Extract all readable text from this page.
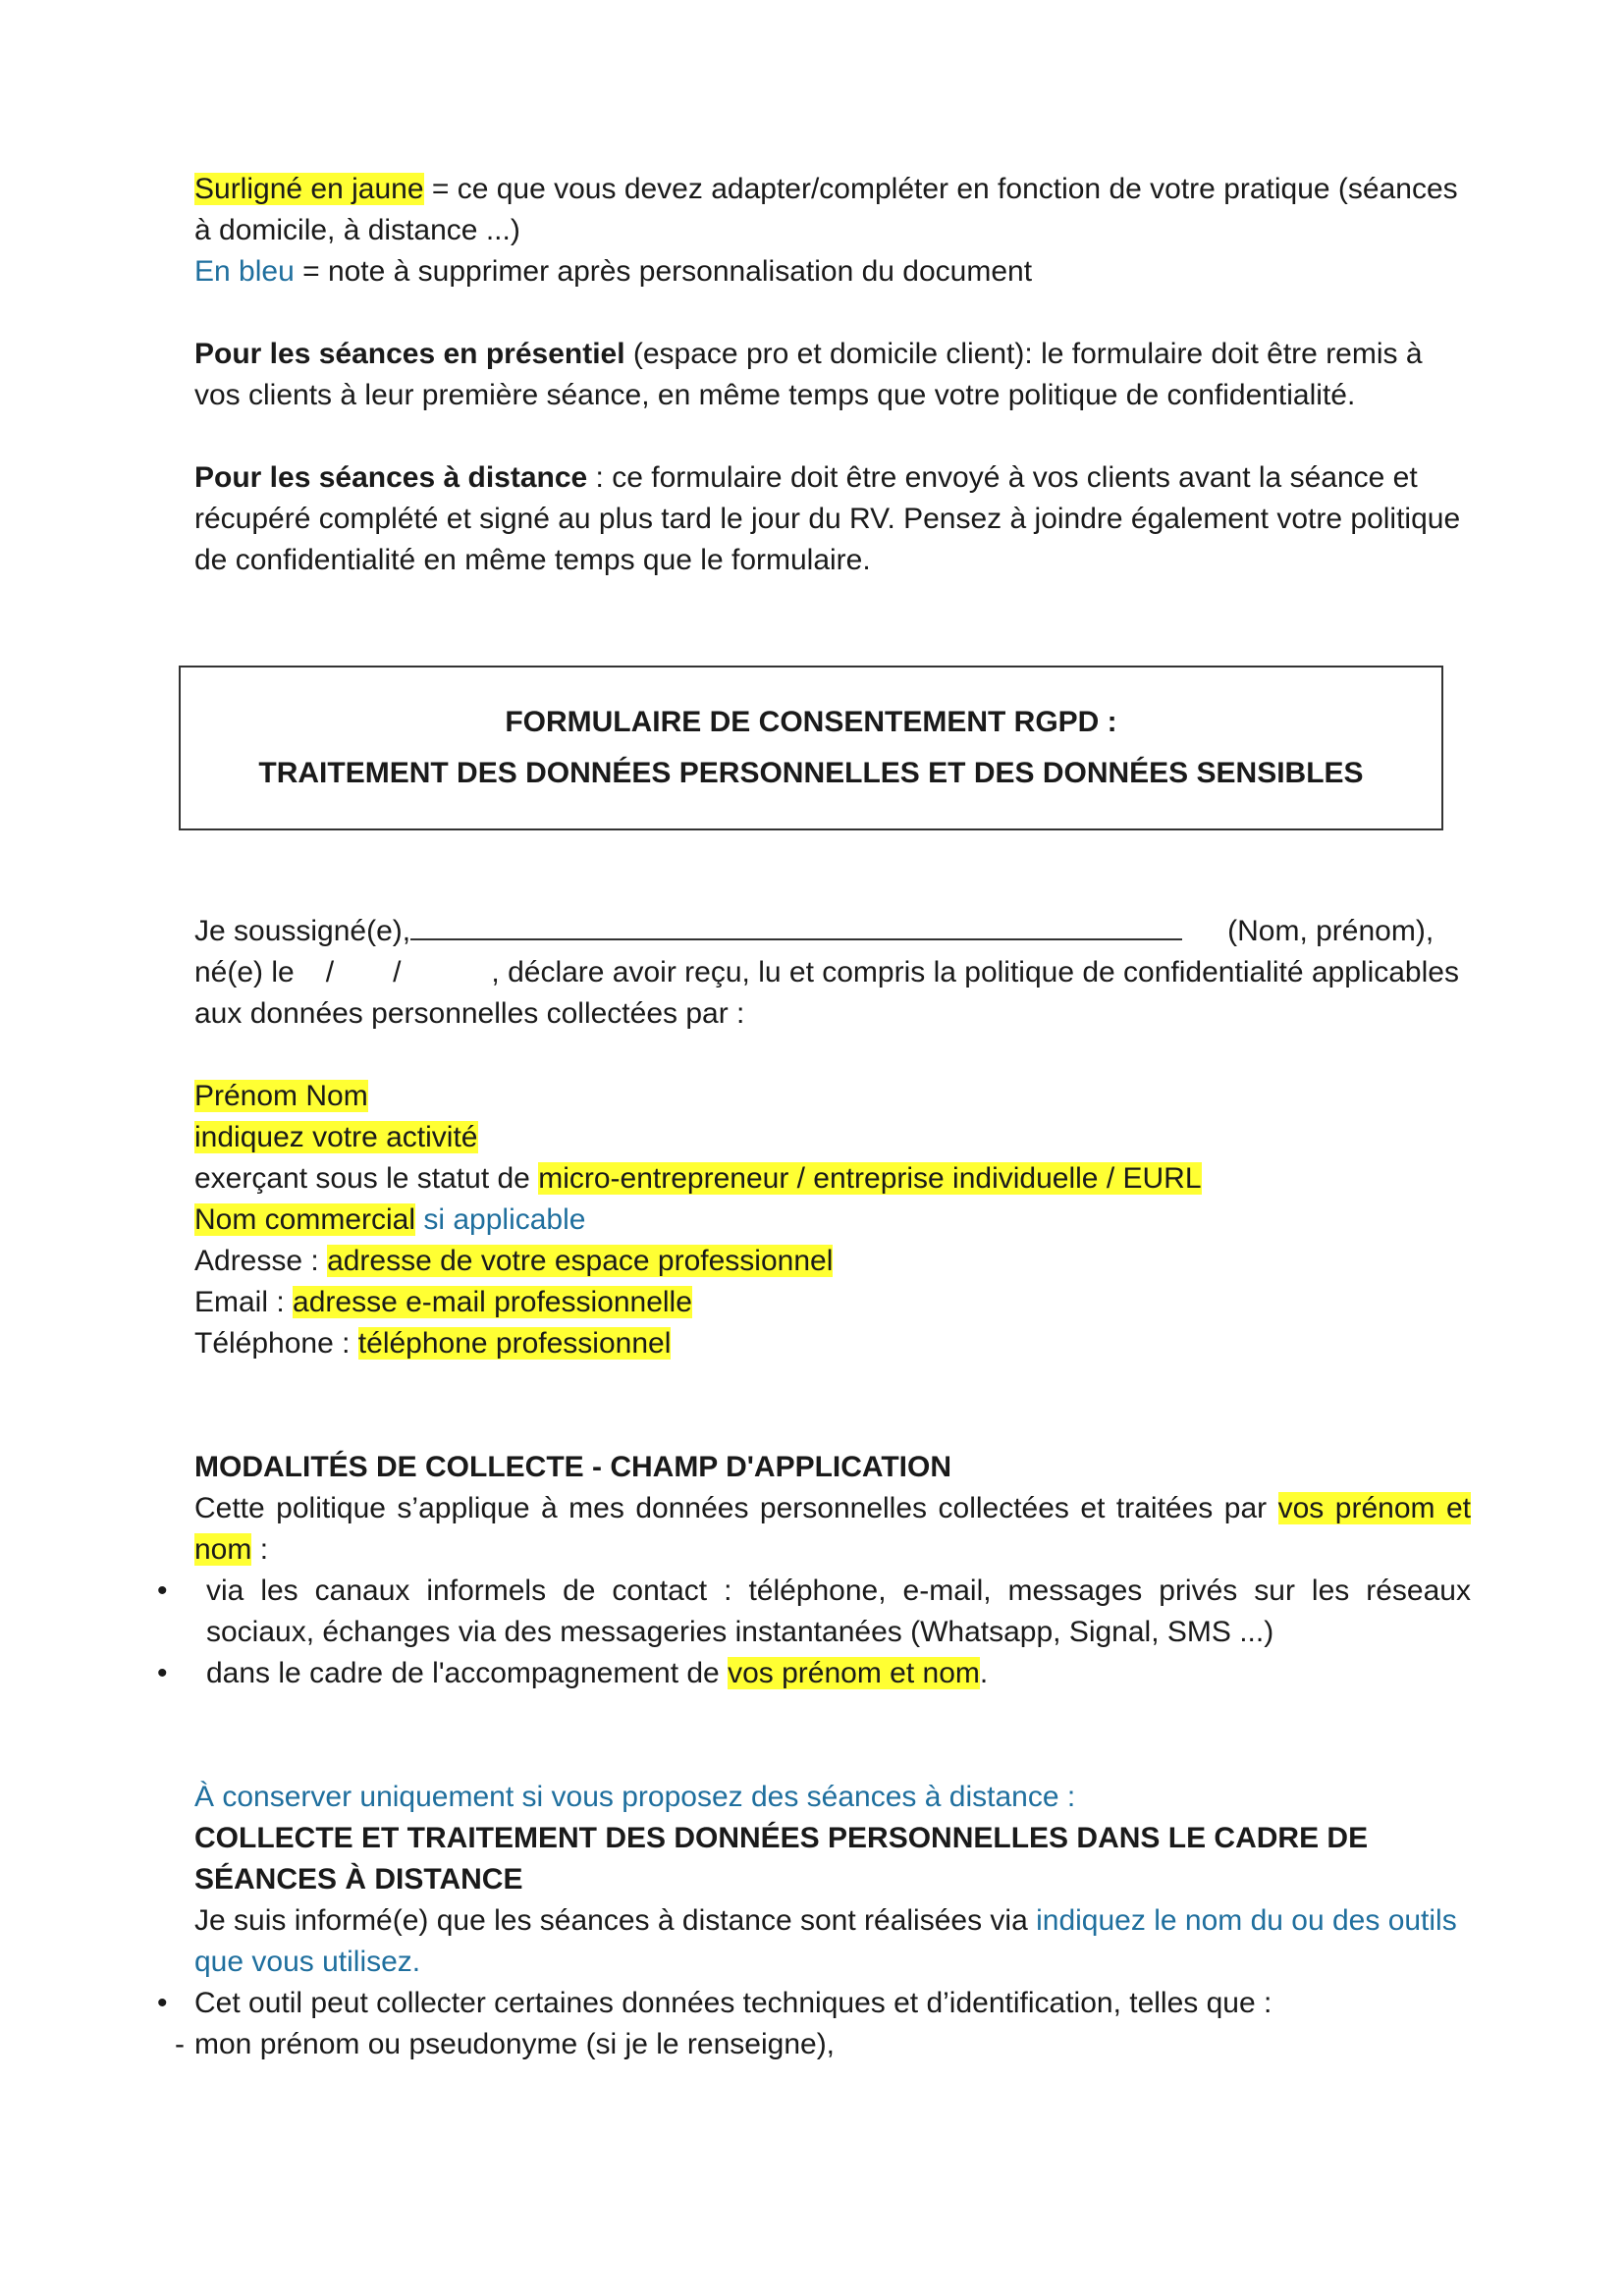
Surligné en jaune = ce que vous devez adapter/compléter en fonction de votre pratique (séances à domicile, à distance ...)

En bleu = note à supprimer après personnalisation du document

Pour les séances en présentiel (espace pro et domicile client): le formulaire doit être remis à vos clients à leur première séance, en même temps que votre politique de confidentialité.

Pour les séances à distance : ce formulaire doit être envoyé à vos clients avant la séance et récupéré complété et signé au plus tard le jour du RV. Pensez à joindre également votre politique de confidentialité en même temps que le formulaire.

FORMULAIRE DE CONSENTEMENT RGPD :
TRAITEMENT DES DONNÉES PERSONNELLES ET DES DONNÉES SENSIBLES

Je soussigné(e),	(Nom, prénom),

né(e) le / /	, déclare avoir reçu, lu et compris la politique de confidentialité applicables aux données personnelles collectées par :

Prénom Nom

indiquez votre activité

exerçant sous le statut de micro-entrepreneur / entreprise individuelle / EURL

Nom commercial si applicable

Adresse : adresse de votre espace professionnel

Email : adresse e-mail professionnelle

Téléphone : téléphone professionnel

MODALITÉS DE COLLECTE - CHAMP D'APPLICATION

Cette politique s’applique à mes données personnelles collectées et traitées par vos prénom et nom :

• via les canaux informels de contact : téléphone, e-mail, messages privés sur les réseaux sociaux, échanges via des messageries instantanées (Whatsapp, Signal, SMS ...)
• dans le cadre de l'accompagnement de vos prénom et nom.

À conserver uniquement si vous proposez des séances à distance :

COLLECTE ET TRAITEMENT DES DONNÉES PERSONNELLES DANS LE CADRE DE SÉANCES À DISTANCE

Je suis informé(e) que les séances à distance sont réalisées via indiquez le nom du ou des outils que vous utilisez.

• Cet outil peut collecter certaines données techniques et d’identification, telles que :

- mon prénom ou pseudonyme (si je le renseigne),
